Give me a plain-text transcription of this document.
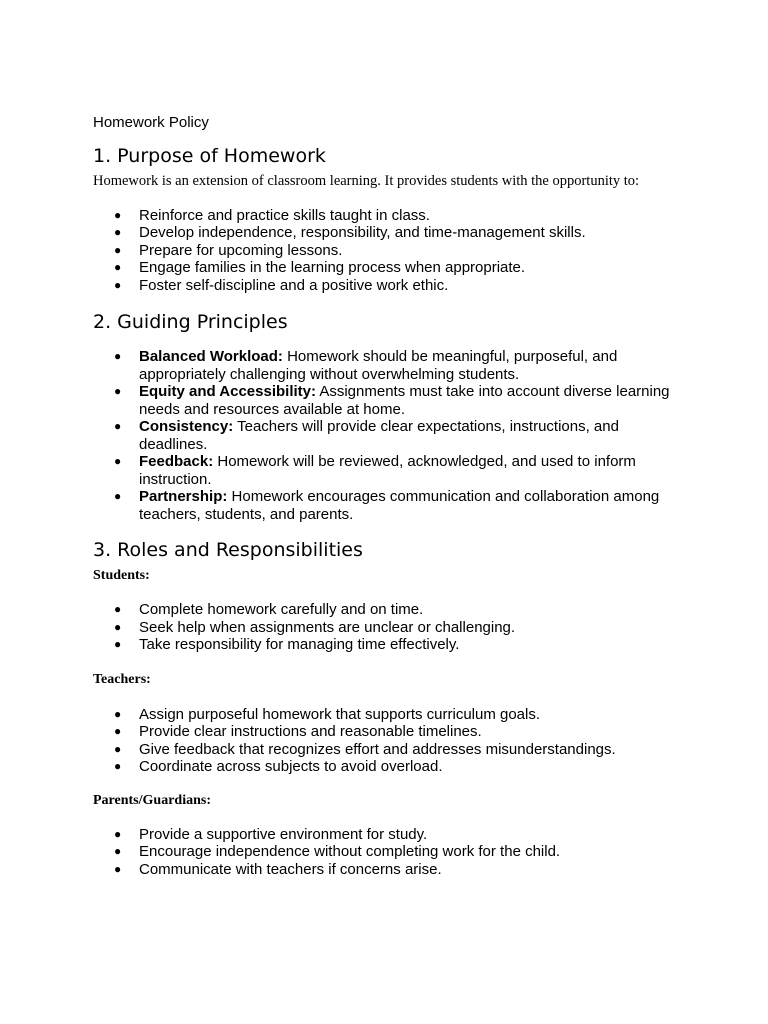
Homework Policy
1. Purpose of Homework

Homework is an extension of classroom learning. It provides students with the opportunity to:

● Reinforce and practice skills taught in class.
● Develop independence, responsibility, and time-management skills.
● Prepare for upcoming lessons.
● Engage families in the learning process when appropriate.
● Foster self-discipline and a positive work ethic.
2. Guiding Principles
● Balanced Workload: Homework should be meaningful, purposeful, and appropriately challenging without overwhelming students.
● Equity and Accessibility: Assignments must take into account diverse learning needs and resources available at home.
● Consistency: Teachers will provide clear expectations, instructions, and deadlines.
● Feedback: Homework will be reviewed, acknowledged, and used to inform instruction.
● Partnership: Homework encourages communication and collaboration among teachers, students, and parents.
3. Roles and Responsibilities
Students:
● Complete homework carefully and on time.
● Seek help when assignments are unclear or challenging.
● Take responsibility for managing time effectively.
Teachers:
● Assign purposeful homework that supports curriculum goals.
● Provide clear instructions and reasonable timelines.
● Give feedback that recognizes effort and addresses misunderstandings.
● Coordinate across subjects to avoid overload.
Parents/Guardians:
● Provide a supportive environment for study.
● Encourage independence without completing work for the child.
● Communicate with teachers if concerns arise.
